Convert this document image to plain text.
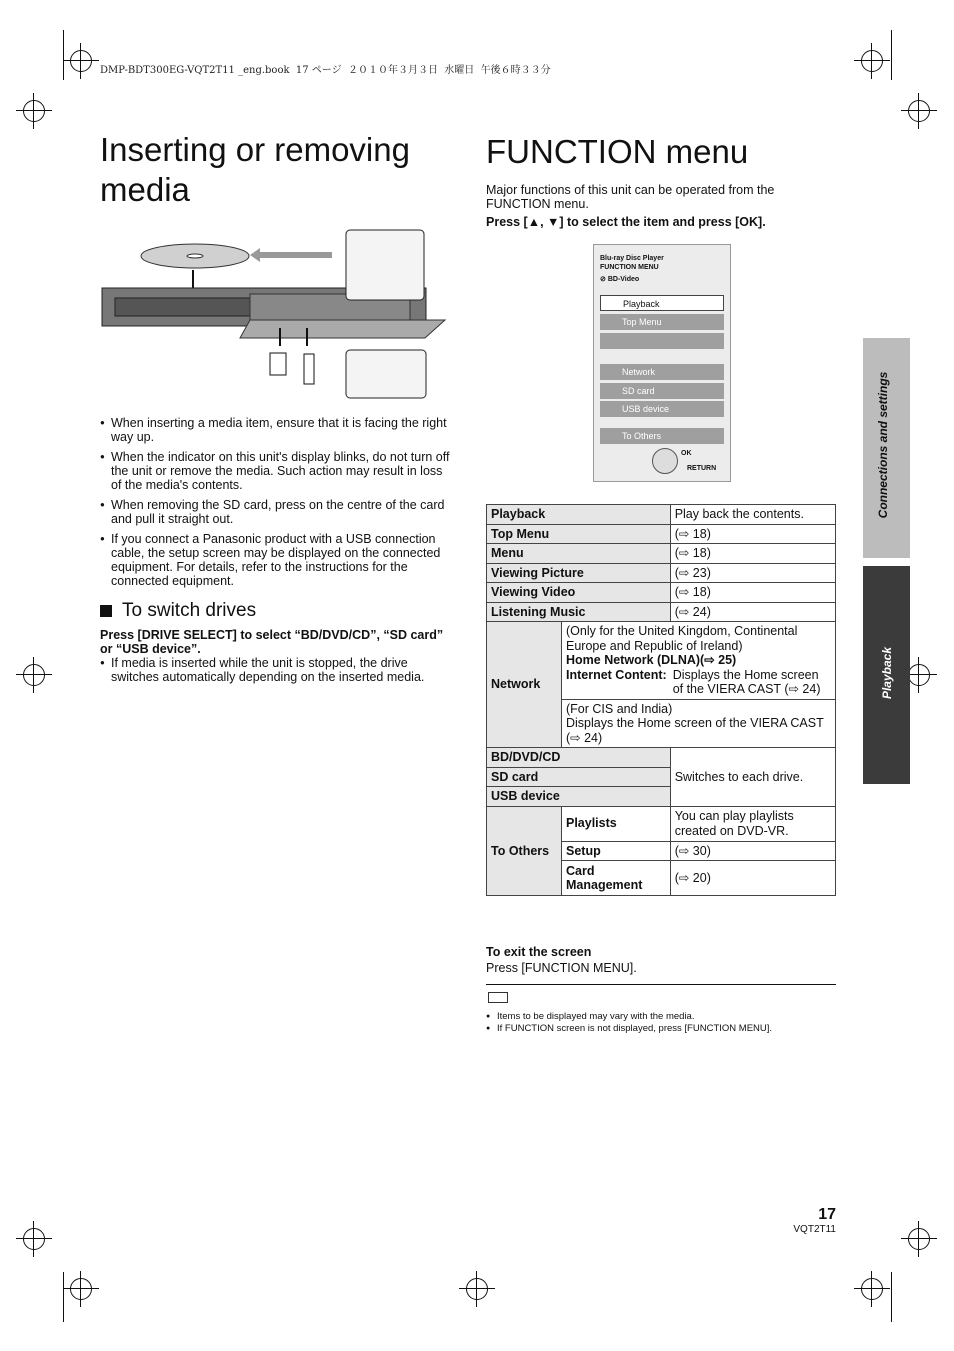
DMP-BDT300EG-VQT2T11 _eng.book  17 ページ  ２０１０年３月３日  水曜日  午後６時３３分
Inserting or removing media
● When inserting a media item, ensure that it is facing the right way up.
● When the indicator on this unit's display blinks, do not turn off the unit or remove the media. Such action may result in loss of the media's contents.
● When removing the SD card, press on the centre of the card and pull it straight out.
● If you connect a Panasonic product with a USB connection cable, the setup screen may be displayed on the connected equipment. For details, refer to the instructions for the connected equipment.
To switch drives
Press [DRIVE SELECT] to select “BD/DVD/CD”, “SD card” or “USB device”.
● If media is inserted while the unit is stopped, the drive switches automatically depending on the inserted media.
FUNCTION menu
Major functions of this unit can be operated from the FUNCTION menu.
Press [▲, ▼] to select the item and press [OK].
Blu-ray Disc Player
FUNCTION MENU
⊘ BD-Video
Playback
Top Menu
Network
SD card
USB device
To Others
OK
RETURN
Playback		Play back the contents.
Top Menu		(⇨ 18)
Menu		(⇨ 18)
Viewing Picture		(⇨ 23)
Viewing Video		(⇨ 18)
Listening Music		(⇨ 24)
Network	(Only for the United Kingdom, Continental Europe and Republic of Ireland)
Home Network (DLNA)(⇨ 25)
Internet Content: Displays the Home screen of the VIERA CAST (⇨ 24)	

	(For CIS and India)
Displays the Home screen of the VIERA CAST (⇨ 24)	

BD/DVD/CD		Switches to each drive.
SD card		
USB device		
To Others	Playlists	You can play playlists created on DVD-VR.
	Setup	(⇨ 30)
	Card Management	(⇨ 20)
To exit the screen
Press [FUNCTION MENU].
● Items to be displayed may vary with the media.
● If FUNCTION screen is not displayed, press [FUNCTION MENU].
Connections and settings
Playback
17
VQT2T11
